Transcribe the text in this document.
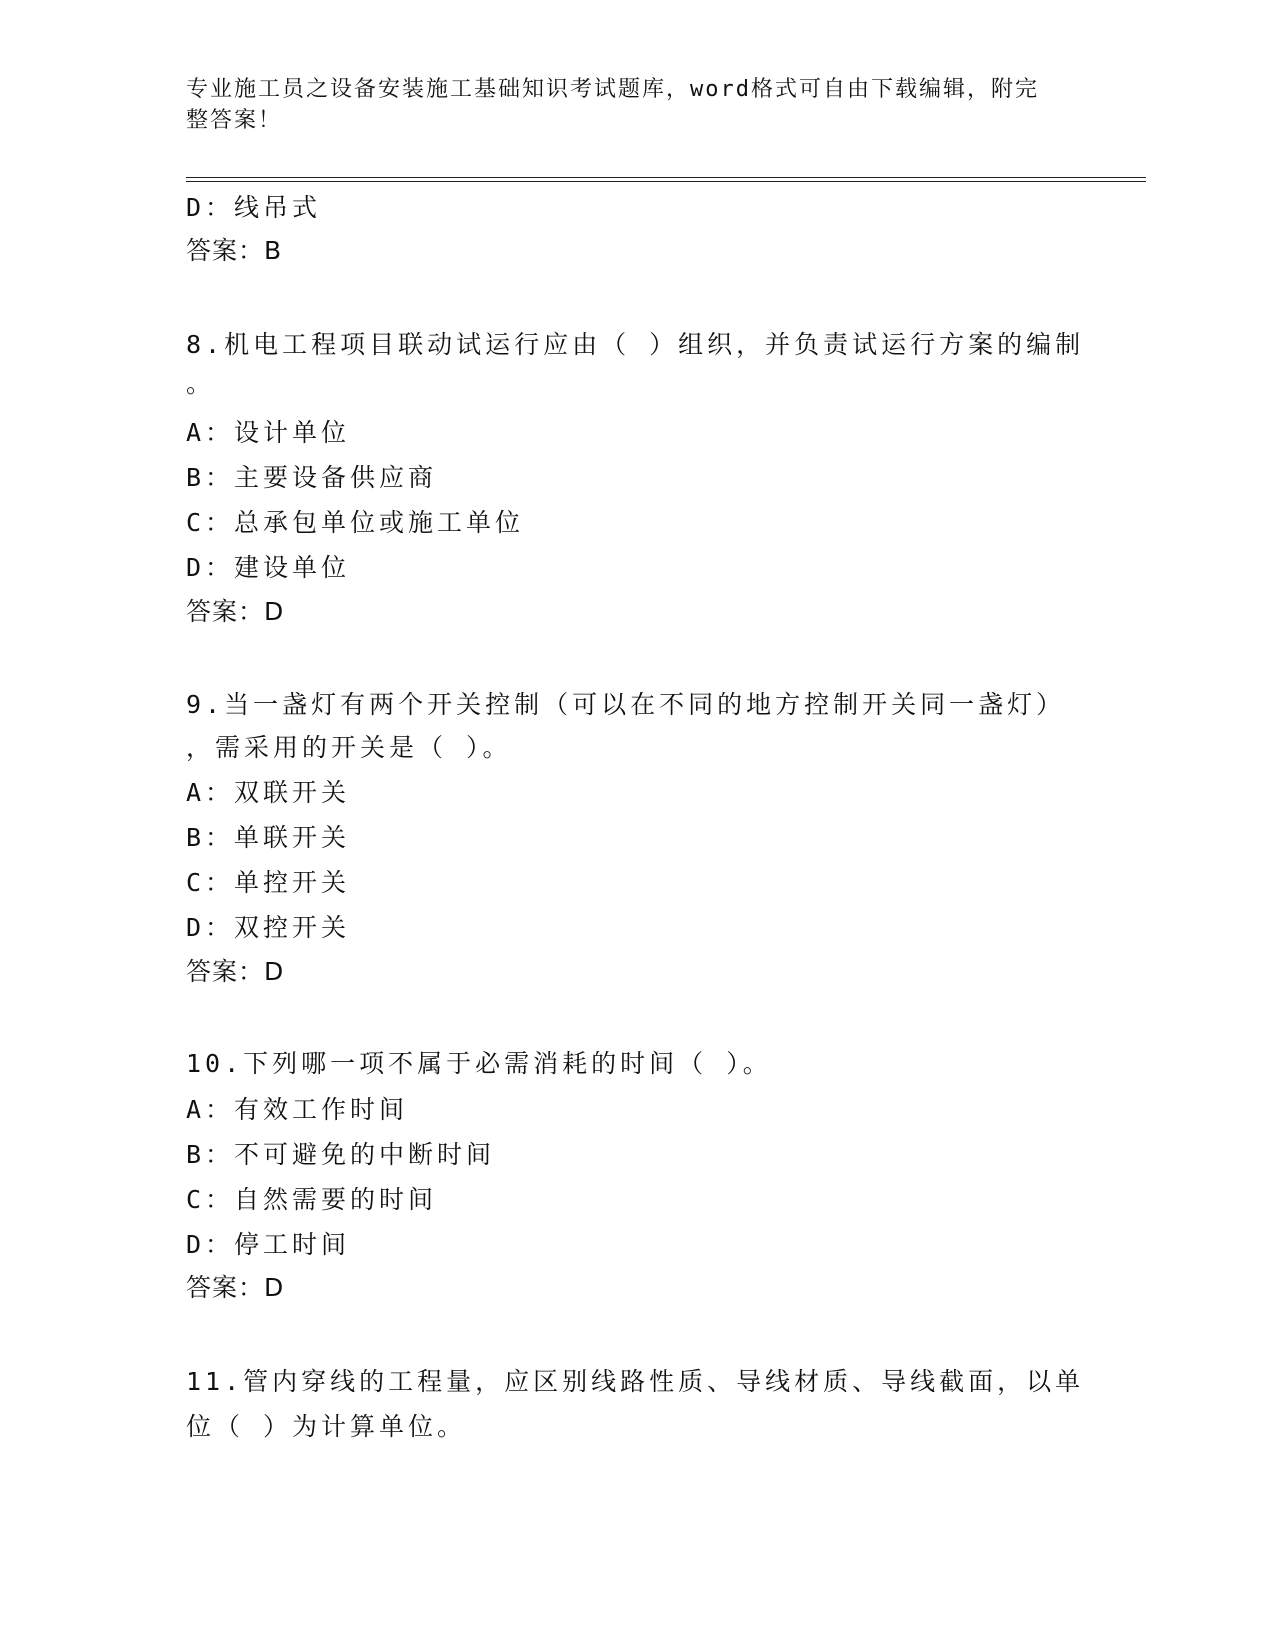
专业施工员之设备安装施工基础知识考试题库，word格式可自由下载编辑，附完
整答案！
D：线吊式
答案：B
8.机电工程项目联动试运行应由（ ）组织，并负责试运行方案的编制
。
A：设计单位
B：主要设备供应商
C：总承包单位或施工单位
D：建设单位
答案：D
9.当一盏灯有两个开关控制（可以在不同的地方控制开关同一盏灯）
，需采用的开关是（ ）。
A：双联开关
B：单联开关
C：单控开关
D：双控开关
答案：D
10.下列哪一项不属于必需消耗的时间（ ）。
A：有效工作时间
B：不可避免的中断时间
C：自然需要的时间
D：停工时间
答案：D
11.管内穿线的工程量，应区别线路性质、导线材质、导线截面，以单
位（ ）为计算单位。
